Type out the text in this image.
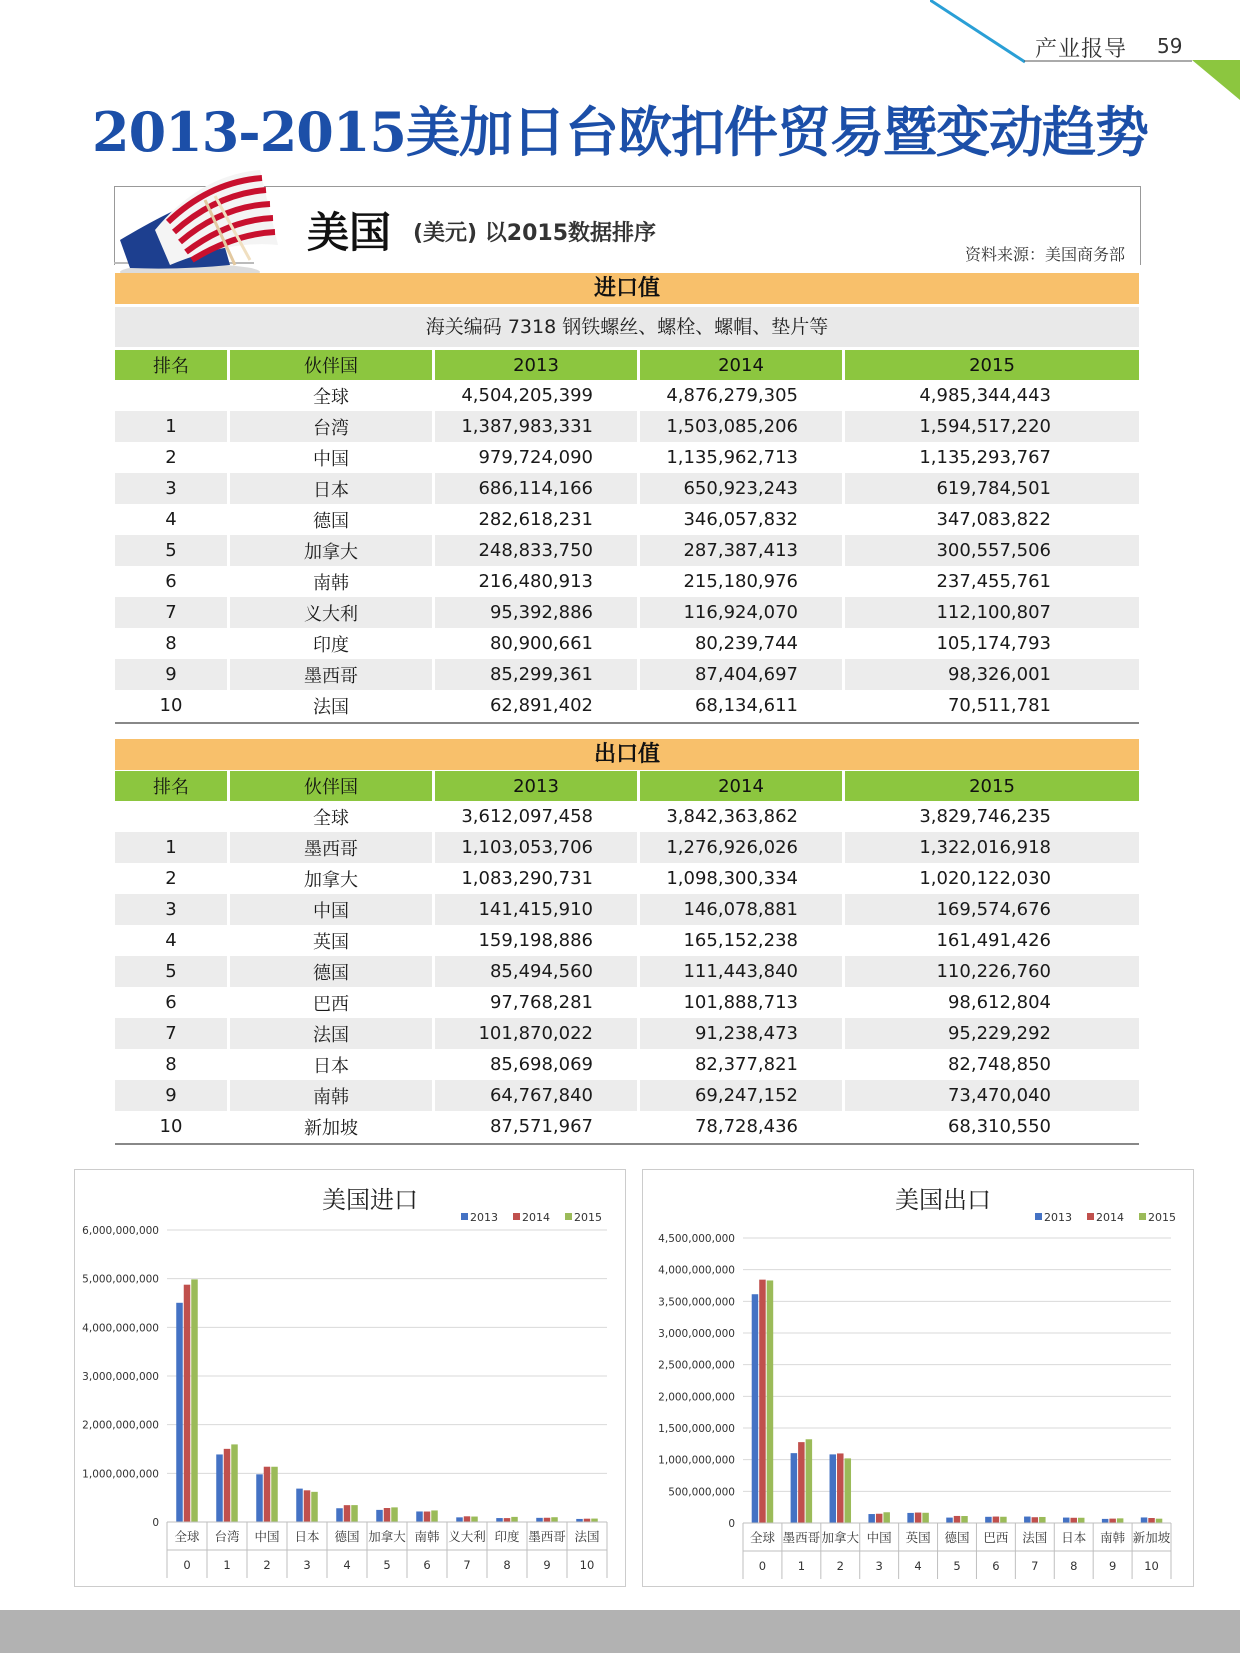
产业报导 59
2013-2015美加日台欧扣件贸易暨变动趋势
美国 (美元) 以2015数据排序
资料来源：美国商务部
进口值
海关编码 7318 钢铁螺丝、螺栓、螺帽、垫片等
排名	伙伴国	2013	2014	2015
	全球	4,504,205,399	4,876,279,305	4,985,344,443
1	台湾	1,387,983,331	1,503,085,206	1,594,517,220
2	中国	979,724,090	1,135,962,713	1,135,293,767
3	日本	686,114,166	650,923,243	619,784,501
4	德国	282,618,231	346,057,832	347,083,822
5	加拿大	248,833,750	287,387,413	300,557,506
6	南韩	216,480,913	215,180,976	237,455,761
7	义大利	95,392,886	116,924,070	112,100,807
8	印度	80,900,661	80,239,744	105,174,793
9	墨西哥	85,299,361	87,404,697	98,326,001
10	法国	62,891,402	68,134,611	70,511,781
出口值
排名	伙伴国	2013	2014	2015
	全球	3,612,097,458	3,842,363,862	3,829,746,235
1	墨西哥	1,103,053,706	1,276,926,026	1,322,016,918
2	加拿大	1,083,290,731	1,098,300,334	1,020,122,030
3	中国	141,415,910	146,078,881	169,574,676
4	英国	159,198,886	165,152,238	161,491,426
5	德国	85,494,560	111,443,840	110,226,760
6	巴西	97,768,281	101,888,713	98,612,804
7	法国	101,870,022	91,238,473	95,229,292
8	日本	85,698,069	82,377,821	82,748,850
9	南韩	64,767,840	69,247,152	73,470,040
10	新加坡	87,571,967	78,728,436	68,310,550
美国进口
2013 2014 2015
0
1,000,000,000
2,000,000,000
3,000,000,000
4,000,000,000
5,000,000,000
6,000,000,000
全球
0
台湾
1
中国
2
日本
3
德国
4
加拿大
5
南韩
6
义大利
7
印度
8
墨西哥
9
法国
10
美国出口
2013 2014 2015
0
500,000,000
1,000,000,000
1,500,000,000
2,000,000,000
2,500,000,000
3,000,000,000
3,500,000,000
4,000,000,000
4,500,000,000
全球
0
墨西哥
1
加拿大
2
中国
3
英国
4
德国
5
巴西
6
法国
7
日本
8
南韩
9
新加坡
10
